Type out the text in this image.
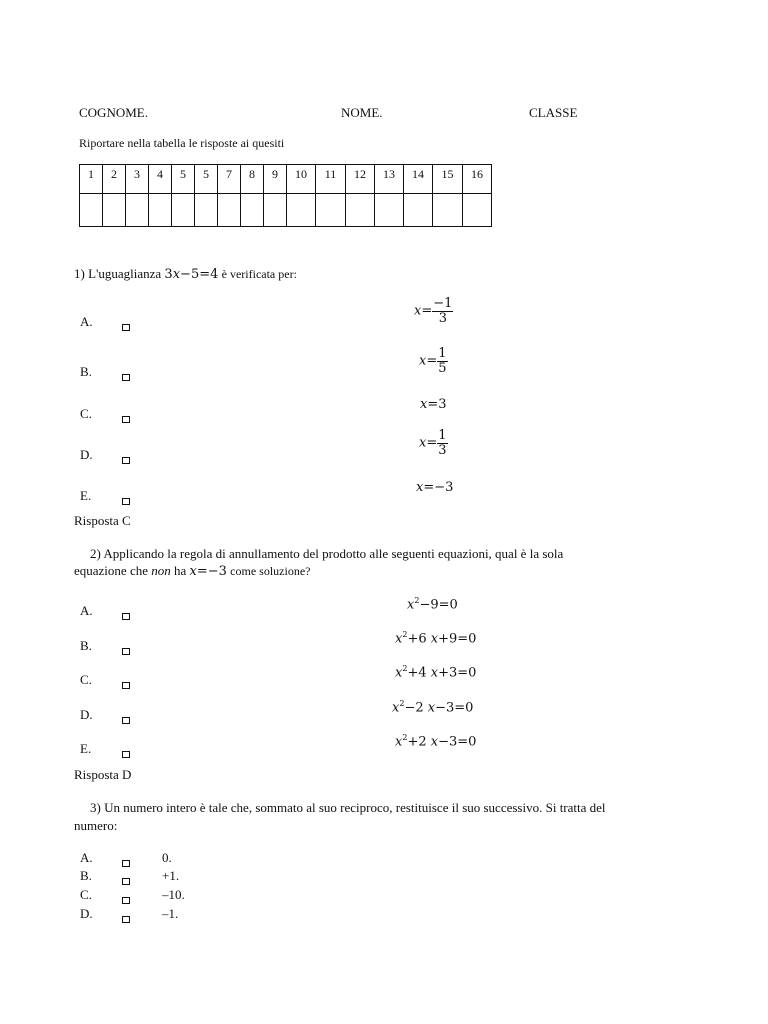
COGNOME.	NOME.	CLASSE
Riportare nella tabella le risposte ai quesiti
1	2	3	4	5	5	7	8	9	10	11	12	13	14	15	16

1) L'uguaglianza 3x−5=4 è verificata per:
A.
$x= \frac{-1}{3}$
B.
$x= \frac{1}{5}$
C.
x=3
D.
$x= \frac{1}{3}$
E.
x=−3
Risposta C
2) Applicando la regola di annullamento del prodotto alle seguenti equazioni, qual è la sola
equazione che non ha x=−3 come soluzione?
A.	$x^2-9=0$
B.	$x^2+6$ x+9=0
C.	$x^2+4$ x+3=0
D.	$x^2-2$ x−3=0
E.	$x^2+2$ x−3=0
Risposta D
3) Un numero intero è tale che, sommato al suo reciproco, restituisce il suo successivo. Si tratta del
numero:
A.	0.
B.	+1.
C.	–10.
D.	–1.
